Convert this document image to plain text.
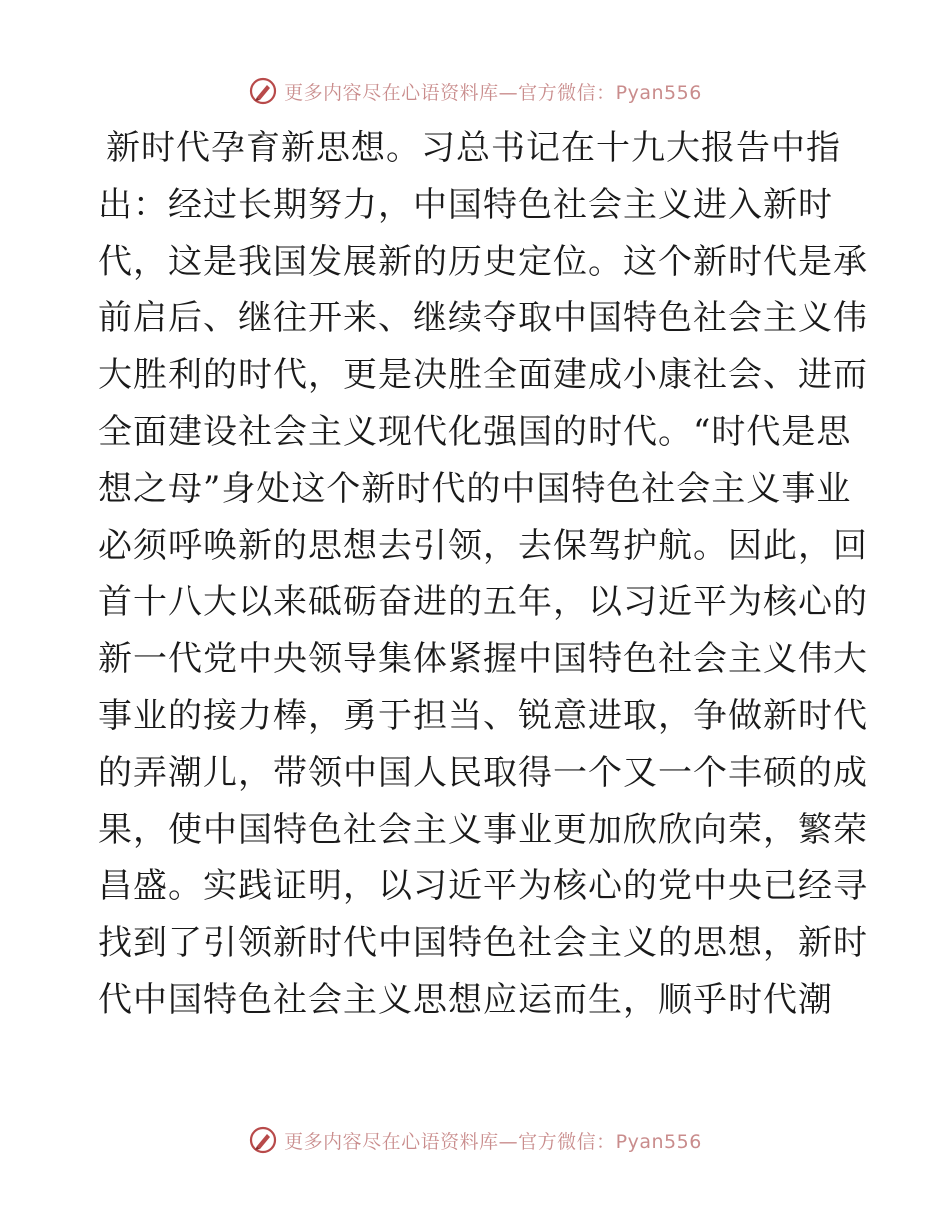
更多内容尽在心语资料库—官方微信：Pyan556
新时代孕育新思想。习总书记在十九大报告中指
出：经过长期努力，中国特色社会主义进入新时
代，这是我国发展新的历史定位。这个新时代是承
前启后、继往开来、继续夺取中国特色社会主义伟
大胜利的时代，更是决胜全面建成小康社会、进而
全面建设社会主义现代化强国的时代。“时代是思
想之母”身处这个新时代的中国特色社会主义事业
必须呼唤新的思想去引领，去保驾护航。因此，回
首十八大以来砥砺奋进的五年，以习近平为核心的
新一代党中央领导集体紧握中国特色社会主义伟大
事业的接力棒，勇于担当、锐意进取，争做新时代
的弄潮儿，带领中国人民取得一个又一个丰硕的成
果，使中国特色社会主义事业更加欣欣向荣，繁荣
昌盛。实践证明，以习近平为核心的党中央已经寻
找到了引领新时代中国特色社会主义的思想，新时
代中国特色社会主义思想应运而生，顺乎时代潮
更多内容尽在心语资料库—官方微信：Pyan556
